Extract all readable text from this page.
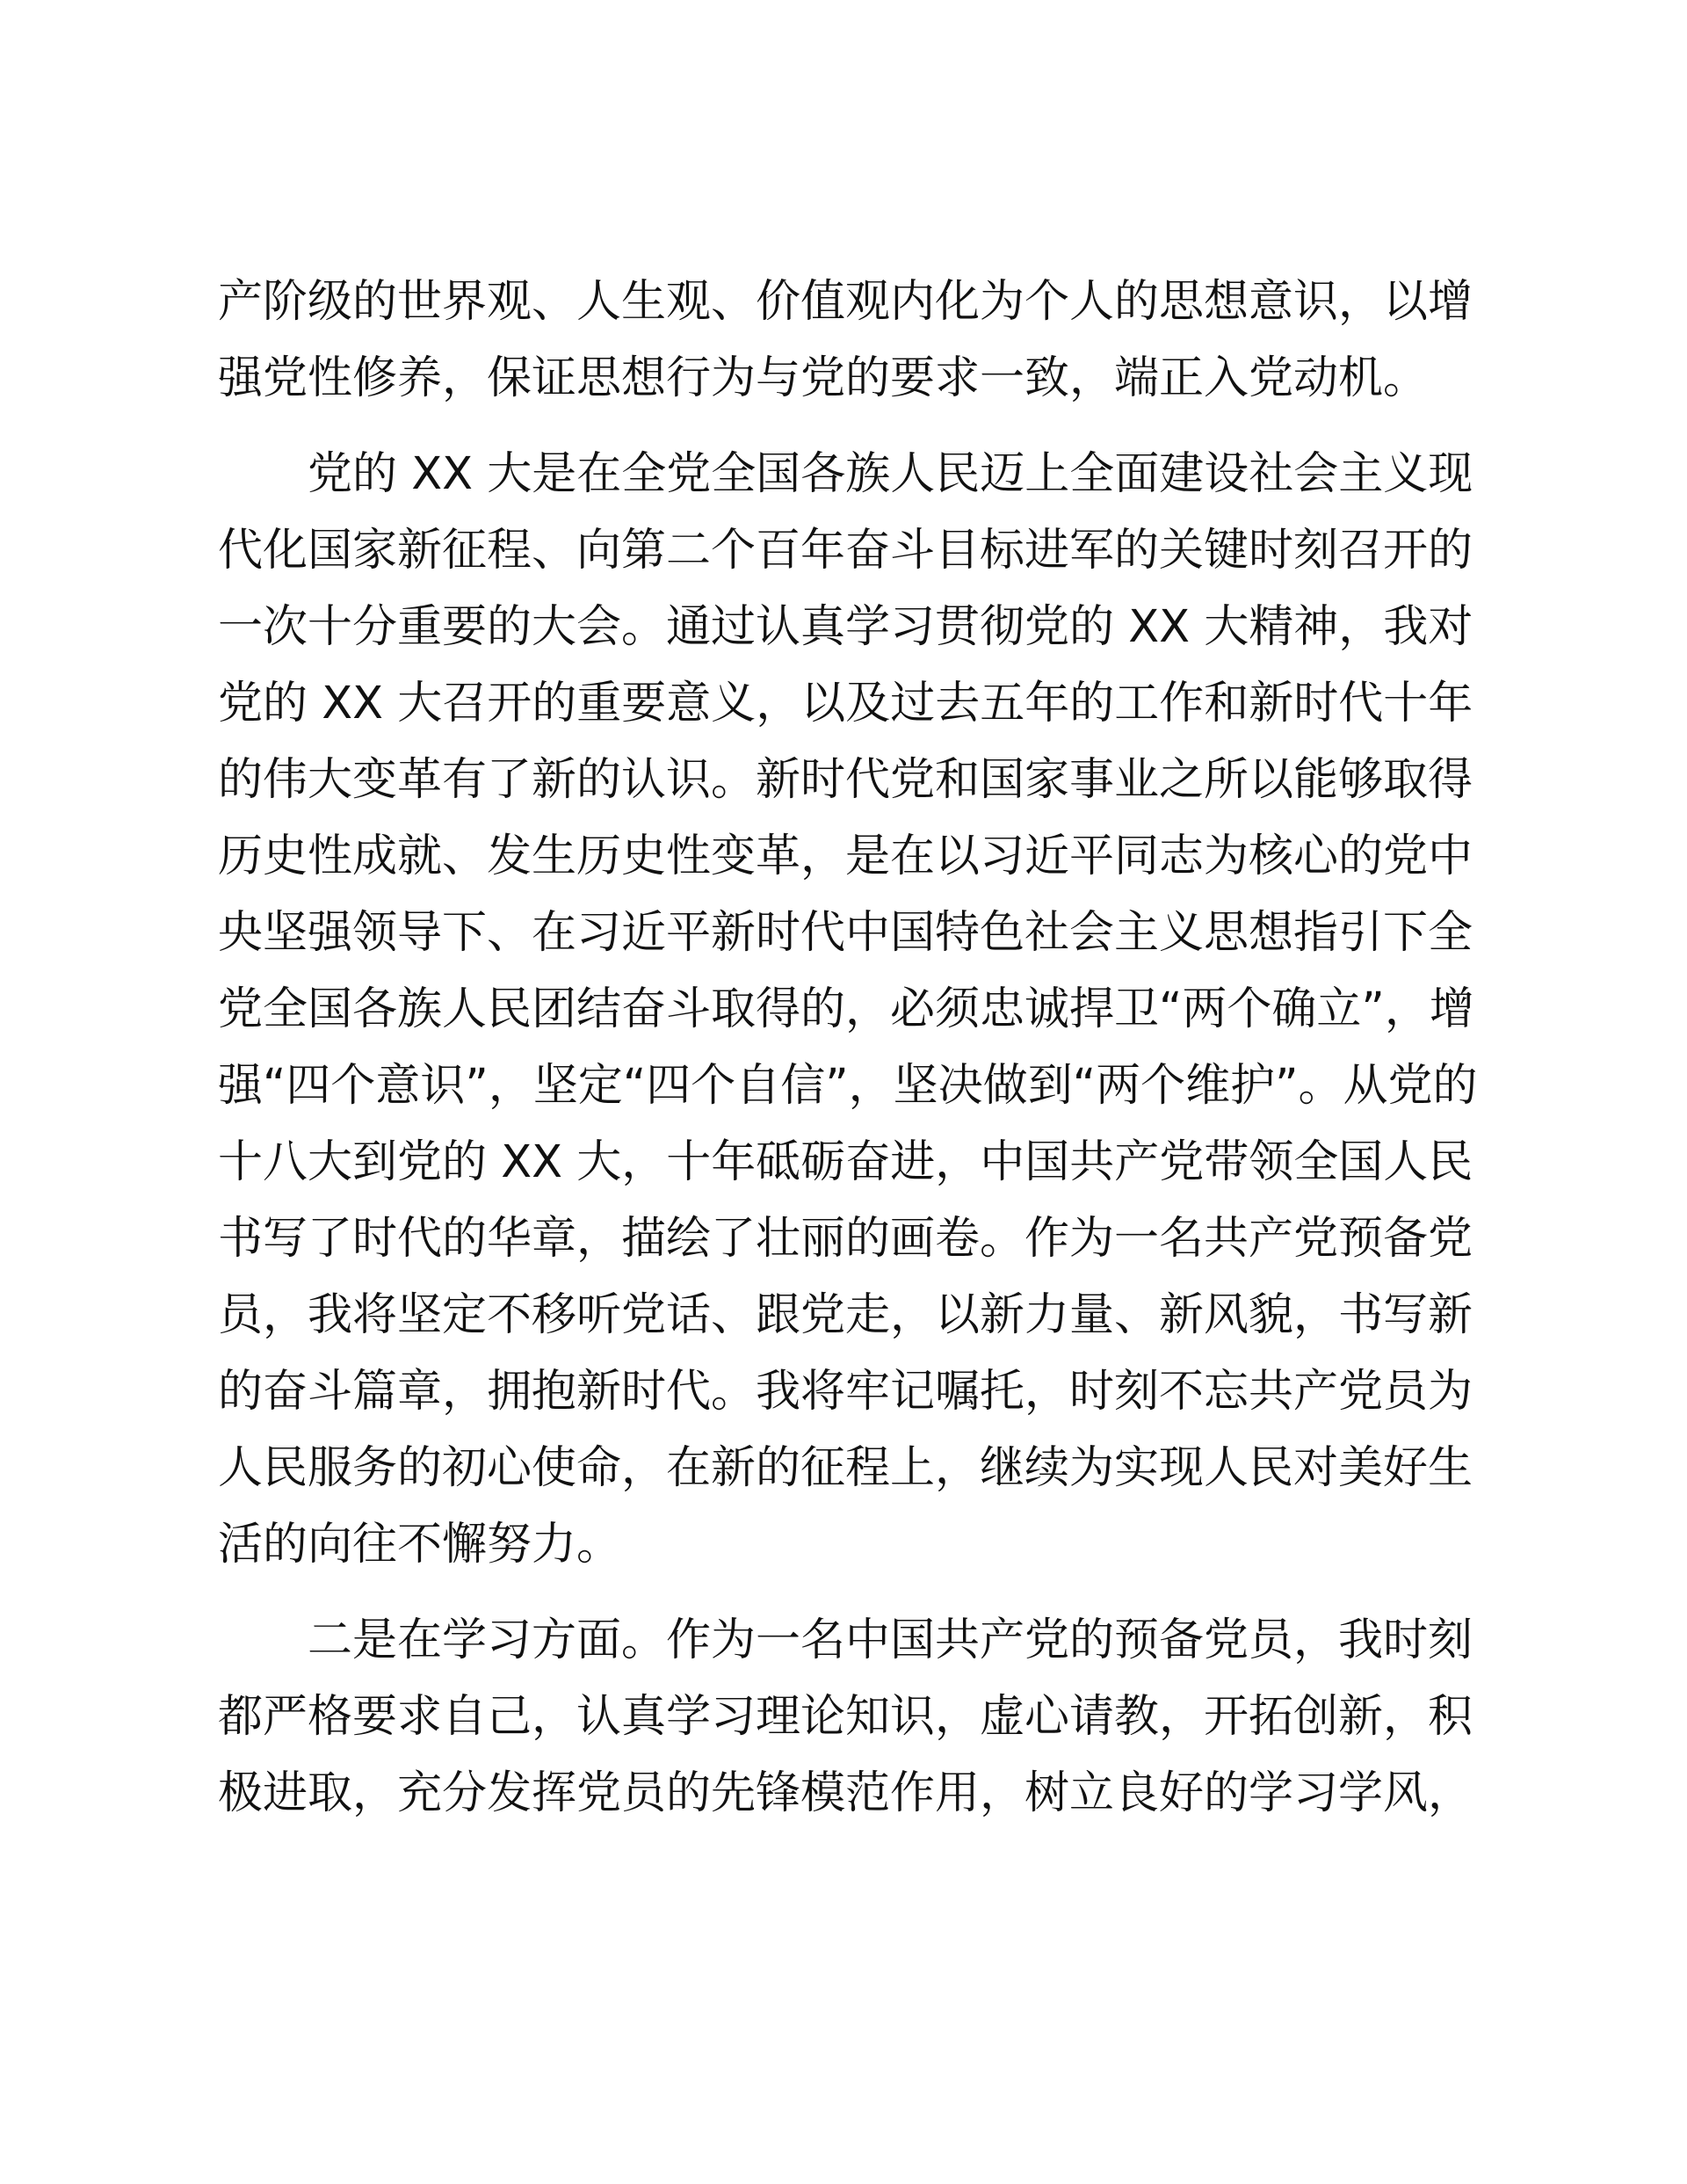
产阶级的世界观、人生观、价值观内化为个人的思想意识，以增
强党性修养，保证思想行为与党的要求一致，端正入党动机。
党的 XX 大是在全党全国各族人民迈上全面建设社会主义现
代化国家新征程、向第二个百年奋斗目标进军的关键时刻召开的
一次十分重要的大会。通过认真学习贯彻党的 XX 大精神，我对
党的 XX 大召开的重要意义，以及过去五年的工作和新时代十年
的伟大变革有了新的认识。新时代党和国家事业之所以能够取得
历史性成就、发生历史性变革，是在以习近平同志为核心的党中
央坚强领导下、在习近平新时代中国特色社会主义思想指引下全
党全国各族人民团结奋斗取得的，必须忠诚捍卫“两个确立”，增
强“四个意识”，坚定“四个自信”，坚决做到“两个维护”。从党的
十八大到党的 XX 大，十年砥砺奋进，中国共产党带领全国人民
书写了时代的华章，描绘了壮丽的画卷。作为一名共产党预备党
员，我将坚定不移听党话、跟党走，以新力量、新风貌，书写新
的奋斗篇章，拥抱新时代。我将牢记嘱托，时刻不忘共产党员为
人民服务的初心使命，在新的征程上，继续为实现人民对美好生
活的向往不懈努力。
二是在学习方面。作为一名中国共产党的预备党员，我时刻
都严格要求自己，认真学习理论知识，虚心请教，开拓创新，积
极进取，充分发挥党员的先锋模范作用，树立良好的学习学风，
